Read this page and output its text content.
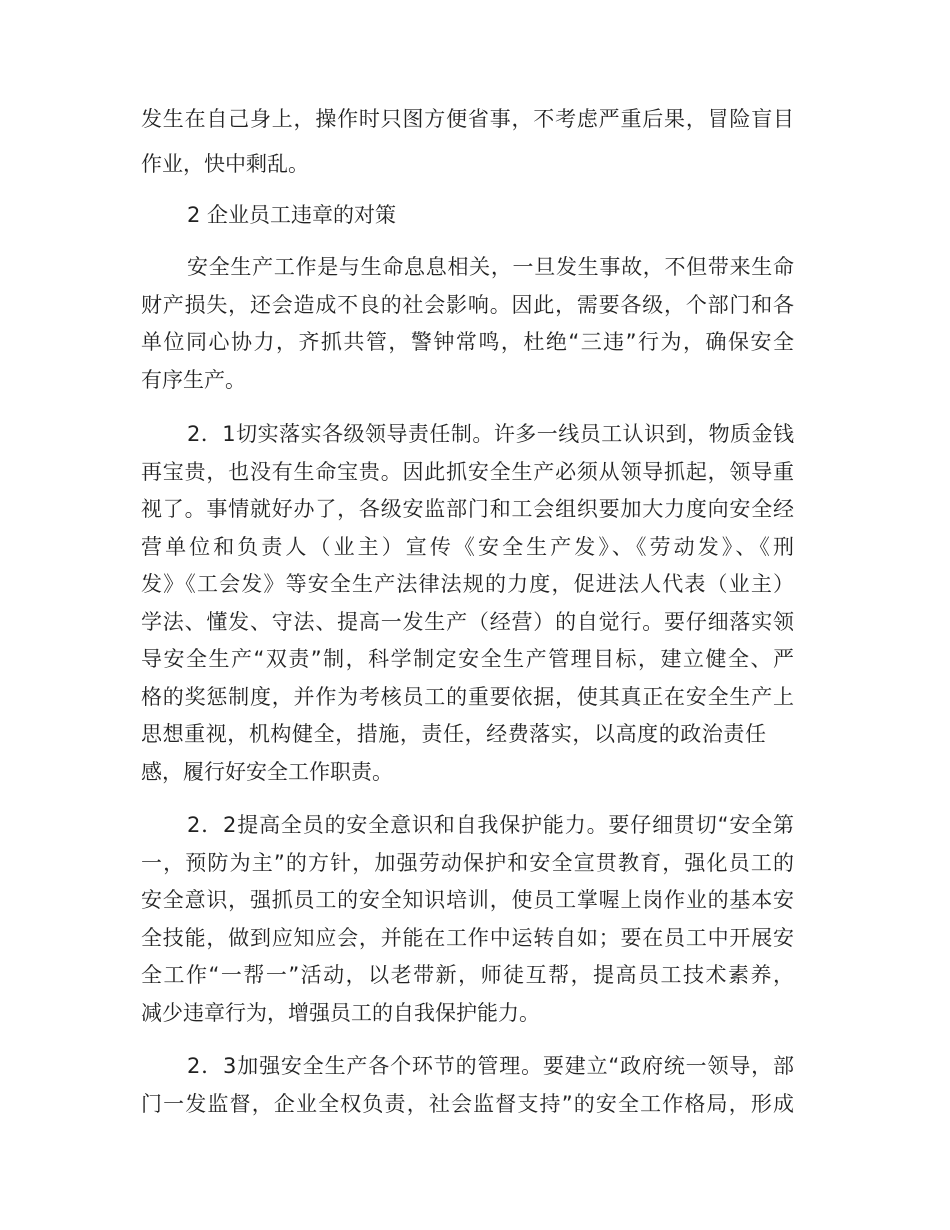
发生在自己身上，操作时只图方便省事，不考虑严重后果，冒险盲目
作业，快中剩乱。
2 企业员工违章的对策
安全生产工作是与生命息息相关，一旦发生事故，不但带来生命
财产损失，还会造成不良的社会影响。因此，需要各级，个部门和各
单位同心协力，齐抓共管，警钟常鸣，杜绝“三违”行为，确保安全
有序生产。
2．1切实落实各级领导责任制。许多一线员工认识到，物质金钱
再宝贵，也没有生命宝贵。因此抓安全生产必须从领导抓起，领导重
视了。事情就好办了，各级安监部门和工会组织要加大力度向安全经
营单位和负责人（业主）宣传《安全生产发》、《劳动发》、《刑
发》《工会发》等安全生产法律法规的力度，促进法人代表（业主）
学法、懂发、守法、提高一发生产（经营）的自觉行。要仔细落实领
导安全生产“双责”制，科学制定安全生产管理目标，建立健全、严
格的奖惩制度，并作为考核员工的重要依据，使其真正在安全生产上
思想重视，机构健全，措施，责任，经费落实，以高度的政治责任
感，履行好安全工作职责。
2．2提高全员的安全意识和自我保护能力。要仔细贯切“安全第
一，预防为主”的方针，加强劳动保护和安全宣贯教育，强化员工的
安全意识，强抓员工的安全知识培训，使员工掌喔上岗作业的基本安
全技能，做到应知应会，并能在工作中运转自如；要在员工中开展安
全工作“一帮一”活动，以老带新，师徒互帮，提高员工技术素养，
减少违章行为，增强员工的自我保护能力。
2．3加强安全生产各个环节的管理。要建立“政府统一领导，部
门一发监督，企业全权负责，社会监督支持”的安全工作格局，形成
